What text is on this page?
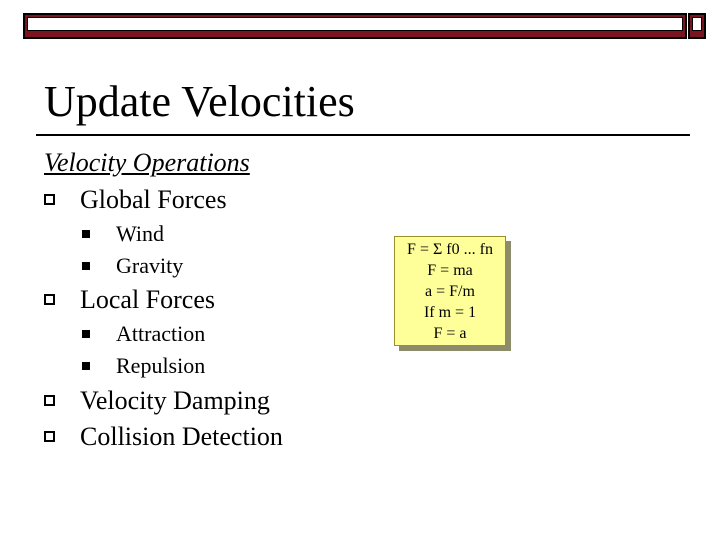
Update Velocities
Velocity Operations
Global Forces
Wind
Gravity
Local Forces
Attraction
Repulsion
Velocity Damping
Collision Detection
F = Σ f0 ... fn
F = ma
a = F/m
If m = 1
F = a
